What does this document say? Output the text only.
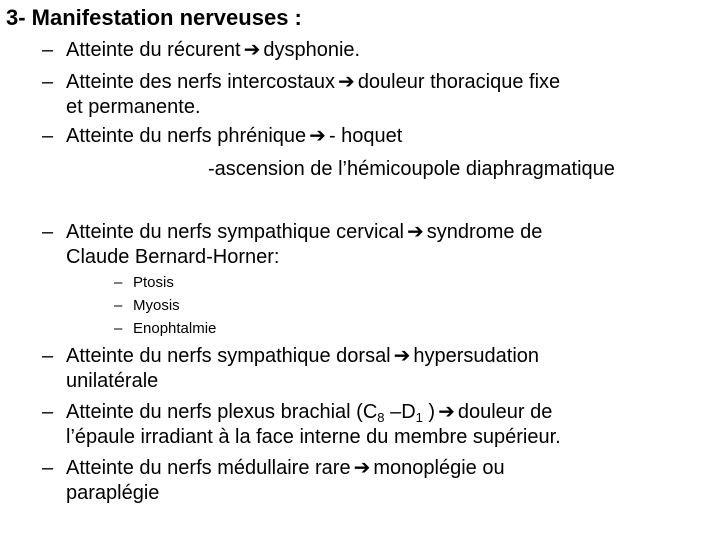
3- Manifestation nerveuses :
– Atteinte du récurent ➔ dysphonie.
– Atteinte des nerfs intercostaux ➔ douleur thoracique fixe
et permanente.
– Atteinte du nerfs phrénique ➔ - hoquet
-ascension de l’hémicoupole diaphragmatique
– Atteinte du nerfs sympathique cervical ➔ syndrome de
Claude Bernard-Horner:
– Ptosis
– Myosis
– Enophtalmie
– Atteinte du nerfs sympathique dorsal ➔ hypersudation
unilatérale
– Atteinte du nerfs plexus brachial ($C_8$ $-D_1$ ) ➔ douleur de
l’épaule irradiant à la face interne du membre supérieur.
– Atteinte du nerfs médullaire rare ➔ monoplégie ou
paraplégie
